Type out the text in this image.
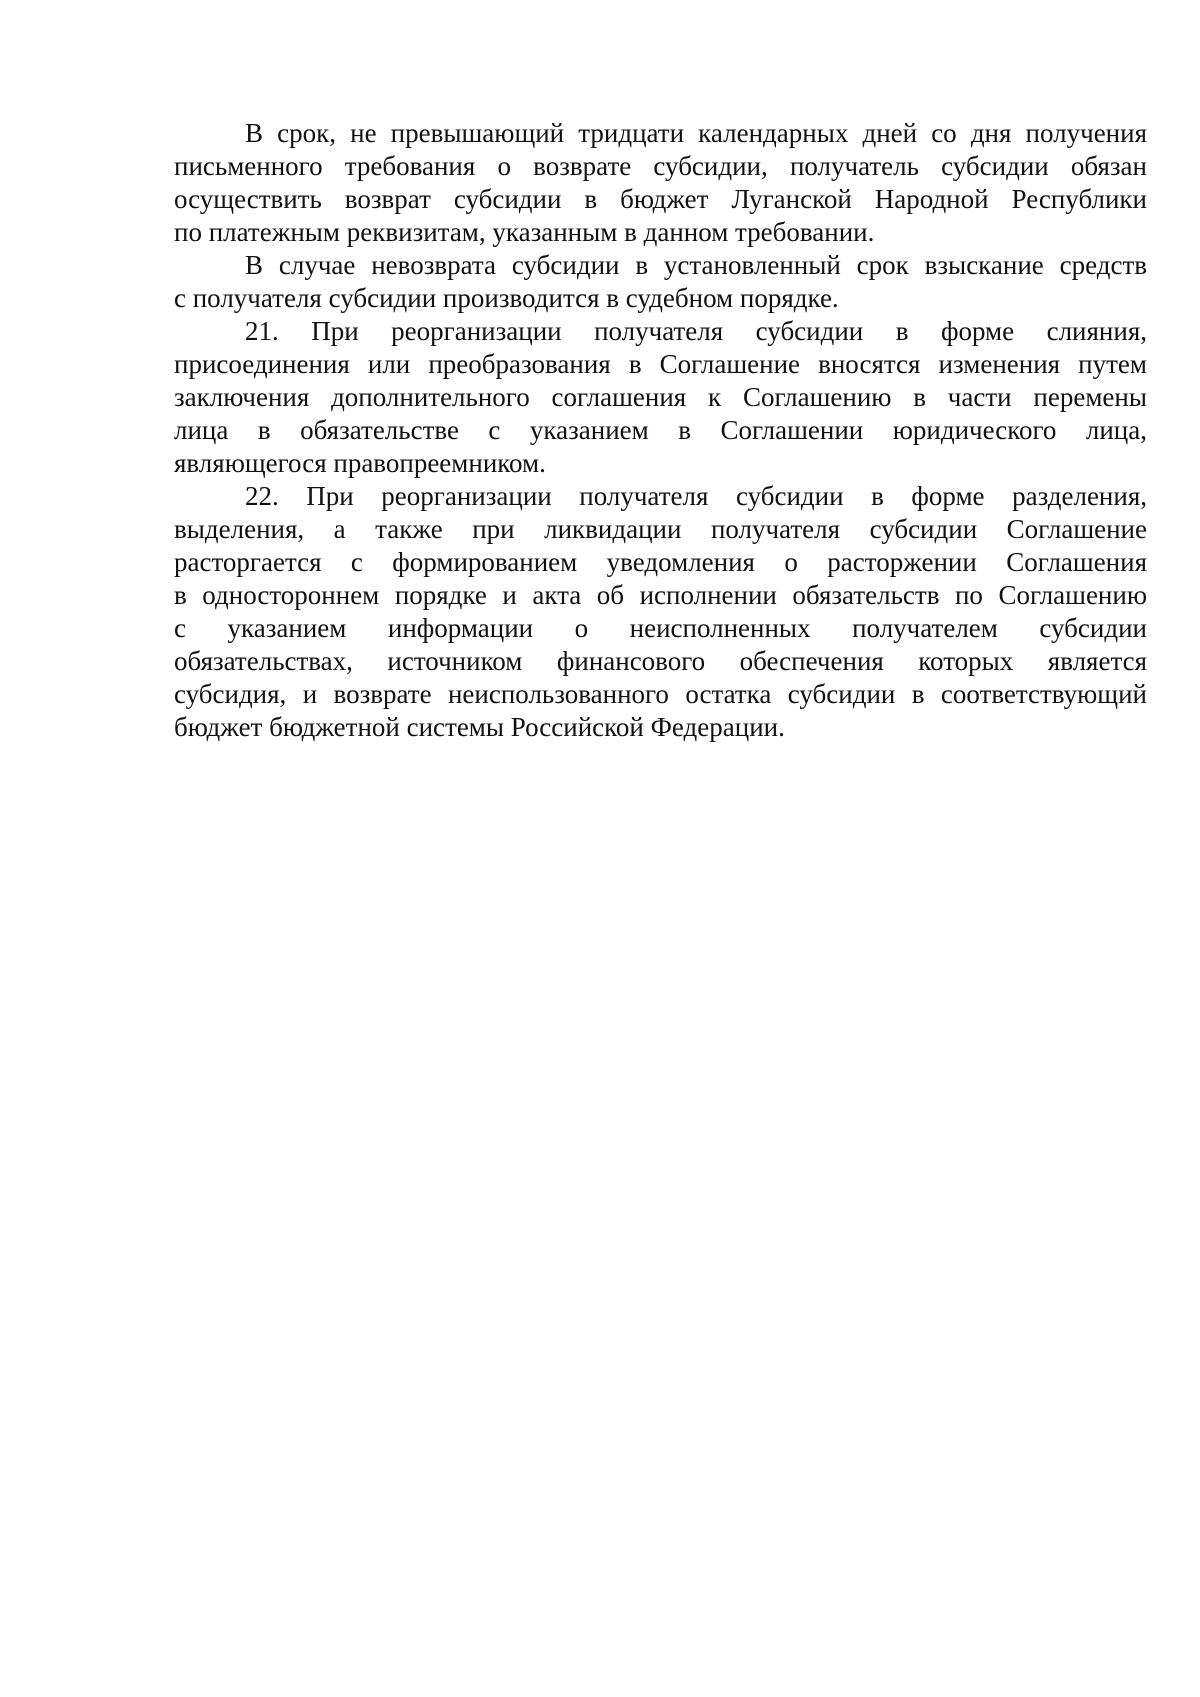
В срок, не превышающий тридцати календарных дней со дня получения
письменного требования о возврате субсидии, получатель субсидии обязан
осуществить возврат субсидии в бюджет Луганской Народной Республики
по платежным реквизитам, указанным в данном требовании.
В случае невозврата субсидии в установленный срок взыскание средств
с получателя субсидии производится в судебном порядке.
21. При реорганизации получателя субсидии в форме слияния,
присоединения или преобразования в Соглашение вносятся изменения путем
заключения дополнительного соглашения к Соглашению в части перемены
лица в обязательстве с указанием в Соглашении юридического лица,
являющегося правопреемником.
22. При реорганизации получателя субсидии в форме разделения,
выделения, а также при ликвидации получателя субсидии Соглашение
расторгается с формированием уведомления о расторжении Соглашения
в одностороннем порядке и акта об исполнении обязательств по Соглашению
с указанием информации о неисполненных получателем субсидии
обязательствах, источником финансового обеспечения которых является
субсидия, и возврате неиспользованного остатка субсидии в соответствующий
бюджет бюджетной системы Российской Федерации.
